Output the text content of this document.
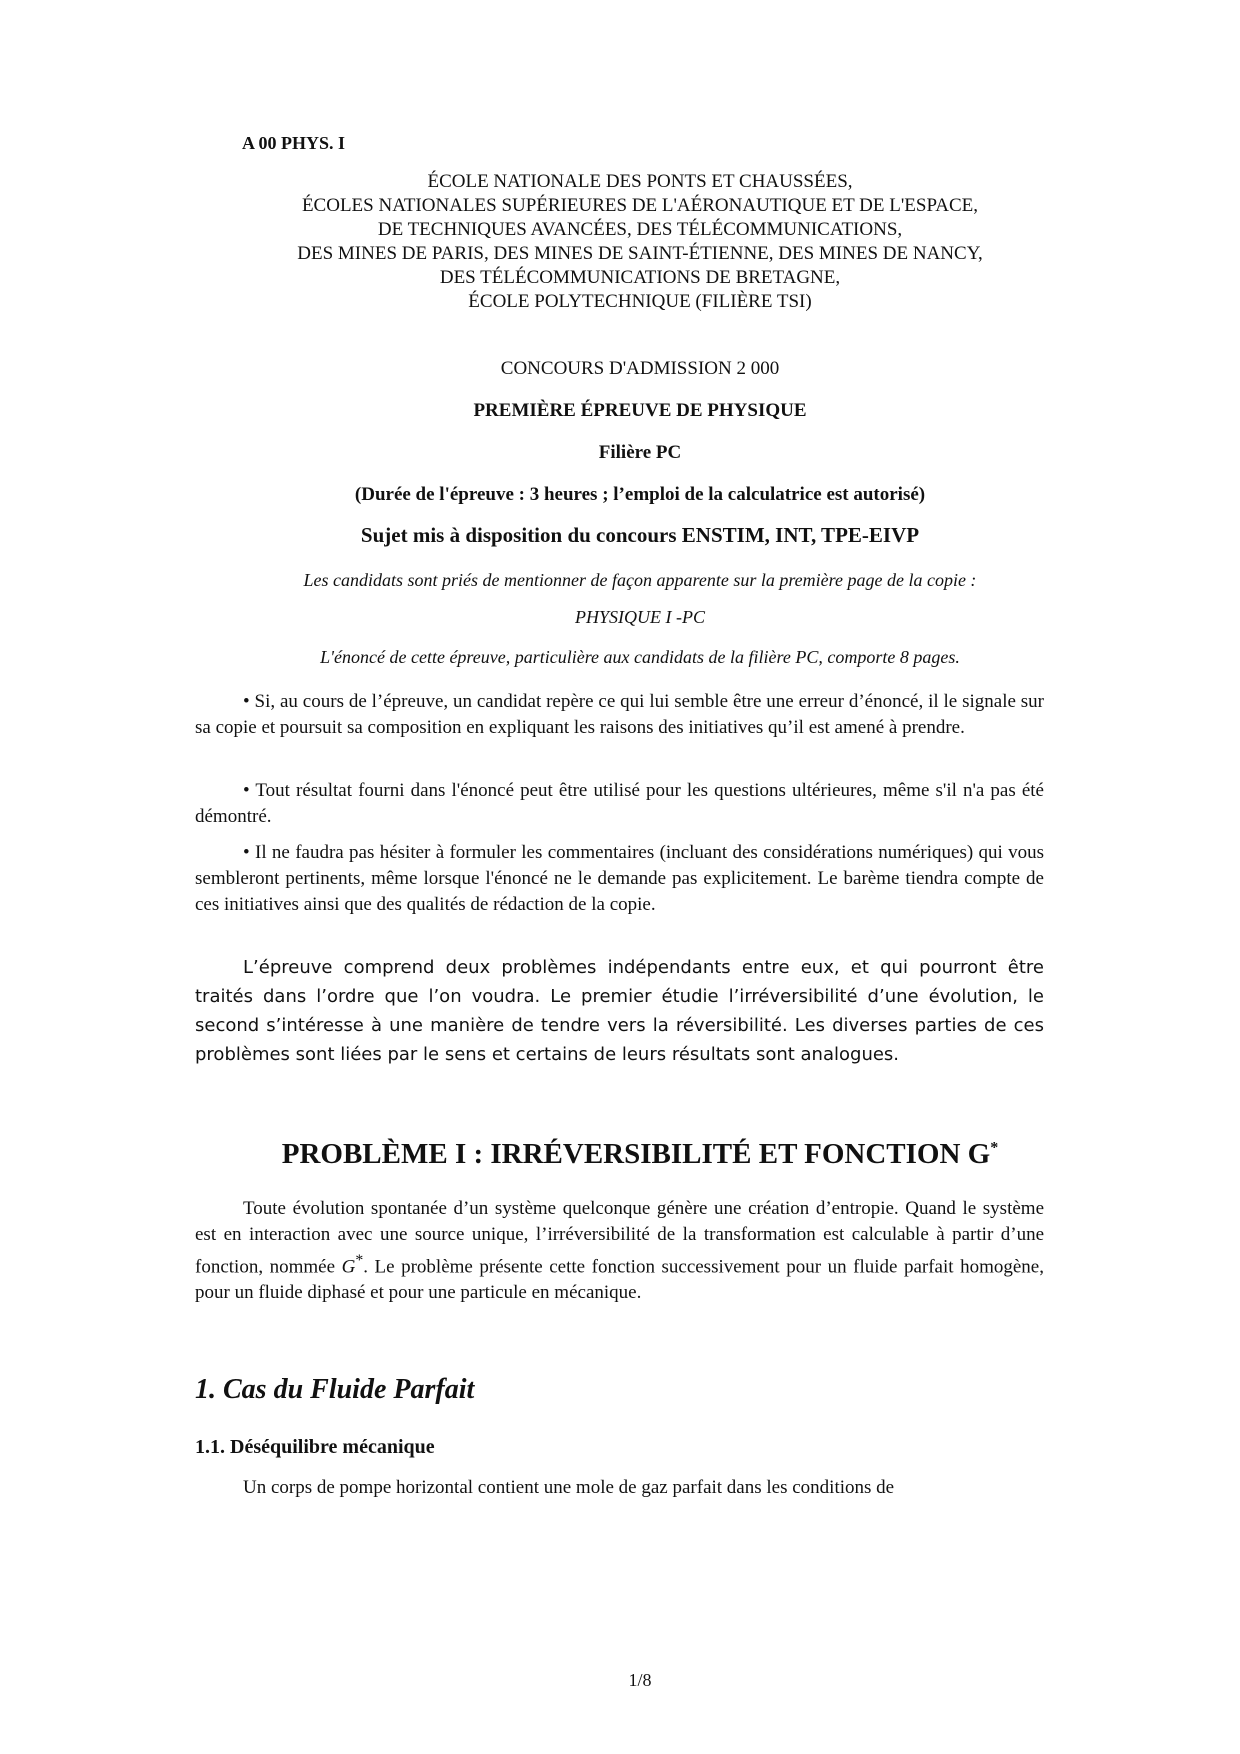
A 00 PHYS. I
ÉCOLE NATIONALE DES PONTS ET CHAUSSÉES,
ÉCOLES NATIONALES SUPÉRIEURES DE L'AÉRONAUTIQUE ET DE L'ESPACE,
DE TECHNIQUES AVANCÉES, DES TÉLÉCOMMUNICATIONS,
DES MINES DE PARIS, DES MINES DE SAINT-ÉTIENNE, DES MINES DE NANCY,
DES TÉLÉCOMMUNICATIONS DE BRETAGNE,
ÉCOLE POLYTECHNIQUE (FILIÈRE TSI)
CONCOURS D'ADMISSION 2 000
PREMIÈRE ÉPREUVE DE PHYSIQUE
Filière PC
(Durée de l'épreuve : 3 heures ; l’emploi de la calculatrice est autorisé)
Sujet mis à disposition du concours ENSTIM, INT, TPE-EIVP
Les candidats sont priés de mentionner de façon apparente sur la première page de la copie :
PHYSIQUE I -PC
L'énoncé de cette épreuve, particulière aux candidats de la filière PC, comporte 8 pages.
• Si, au cours de l’épreuve, un candidat repère ce qui lui semble être une erreur d’énoncé, il le signale sur sa copie et poursuit sa composition en expliquant les raisons des initiatives qu’il est amené à prendre.
• Tout résultat fourni dans l'énoncé peut être utilisé pour les questions ultérieures, même s'il n'a pas été démontré.
• Il ne faudra pas hésiter à formuler les commentaires (incluant des considérations numériques) qui vous sembleront pertinents, même lorsque l'énoncé ne le demande pas explicitement. Le barème tiendra compte de ces initiatives ainsi que des qualités de rédaction de la copie.
L’épreuve comprend deux problèmes indépendants entre eux, et qui pourront être traités dans l’ordre que l’on voudra. Le premier étudie l’irréversibilité d’une évolution, le second s’intéresse à une manière de tendre vers la réversibilité. Les diverses parties de ces problèmes sont liées par le sens et certains de leurs résultats sont analogues.
PROBLÈME I : IRRÉVERSIBILITÉ ET FONCTION G*
Toute évolution spontanée d’un système quelconque génère une création d’entropie. Quand le système est en interaction avec une source unique, l’irréversibilité de la transformation est calculable à partir d’une fonction, nommée G*. Le problème présente cette fonction successivement pour un fluide parfait homogène, pour un fluide diphasé et pour une particule en mécanique.
1. Cas du Fluide Parfait
1.1. Déséquilibre mécanique
Un corps de pompe horizontal contient une mole de gaz parfait dans les conditions de
1/8
